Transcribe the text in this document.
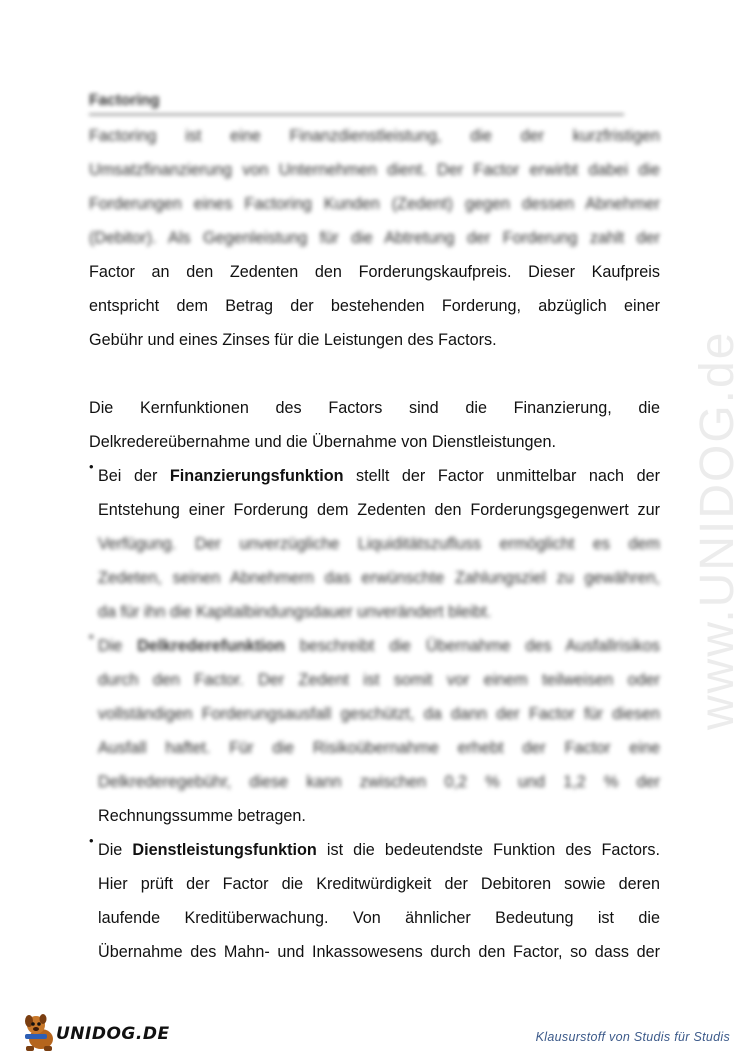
www.UNIDOG.de
Factoring
Factoring ist eine Finanzdienstleistung, die der kurzfristigen
Umsatzfinanzierung von Unternehmen dient. Der Factor erwirbt dabei die
Forderungen eines Factoring Kunden (Zedent) gegen dessen Abnehmer
(Debitor). Als Gegenleistung für die Abtretung der Forderung zahlt der
Factor an den Zedenten den Forderungskaufpreis. Dieser Kaufpreis
entspricht dem Betrag der bestehenden Forderung, abzüglich einer
Gebühr und eines Zinses für die Leistungen des Factors.
Die Kernfunktionen des Factors sind die Finanzierung, die
Delkredereübernahme und die Übernahme von Dienstleistungen.
•
Bei der Finanzierungsfunktion stellt der Factor unmittelbar nach der
Entstehung einer Forderung dem Zedenten den Forderungsgegenwert zur
Verfügung. Der unverzügliche Liquiditätszufluss ermöglicht es dem
Zedeten, seinen Abnehmern das erwünschte Zahlungsziel zu gewähren,
da für ihn die Kapitalbindungsdauer unverändert bleibt.
•
Die Delkrederefunktion beschreibt die Übernahme des Ausfallrisikos
durch den Factor. Der Zedent ist somit vor einem teilweisen oder
vollständigen Forderungsausfall geschützt, da dann der Factor für diesen
Ausfall haftet. Für die Risikoübernahme erhebt der Factor eine
Delkrederegebühr, diese kann zwischen 0,2 % und 1,2 % der
Rechnungssumme betragen.
•
Die Dienstleistungsfunktion ist die bedeutendste Funktion des Factors.
Hier prüft der Factor die Kreditwürdigkeit der Debitoren sowie deren
laufende Kreditüberwachung. Von ähnlicher Bedeutung ist die
Übernahme des Mahn- und Inkassowesens durch den Factor, so dass der
UNIDOG.DE	Klausurstoff von Studis für Studis
